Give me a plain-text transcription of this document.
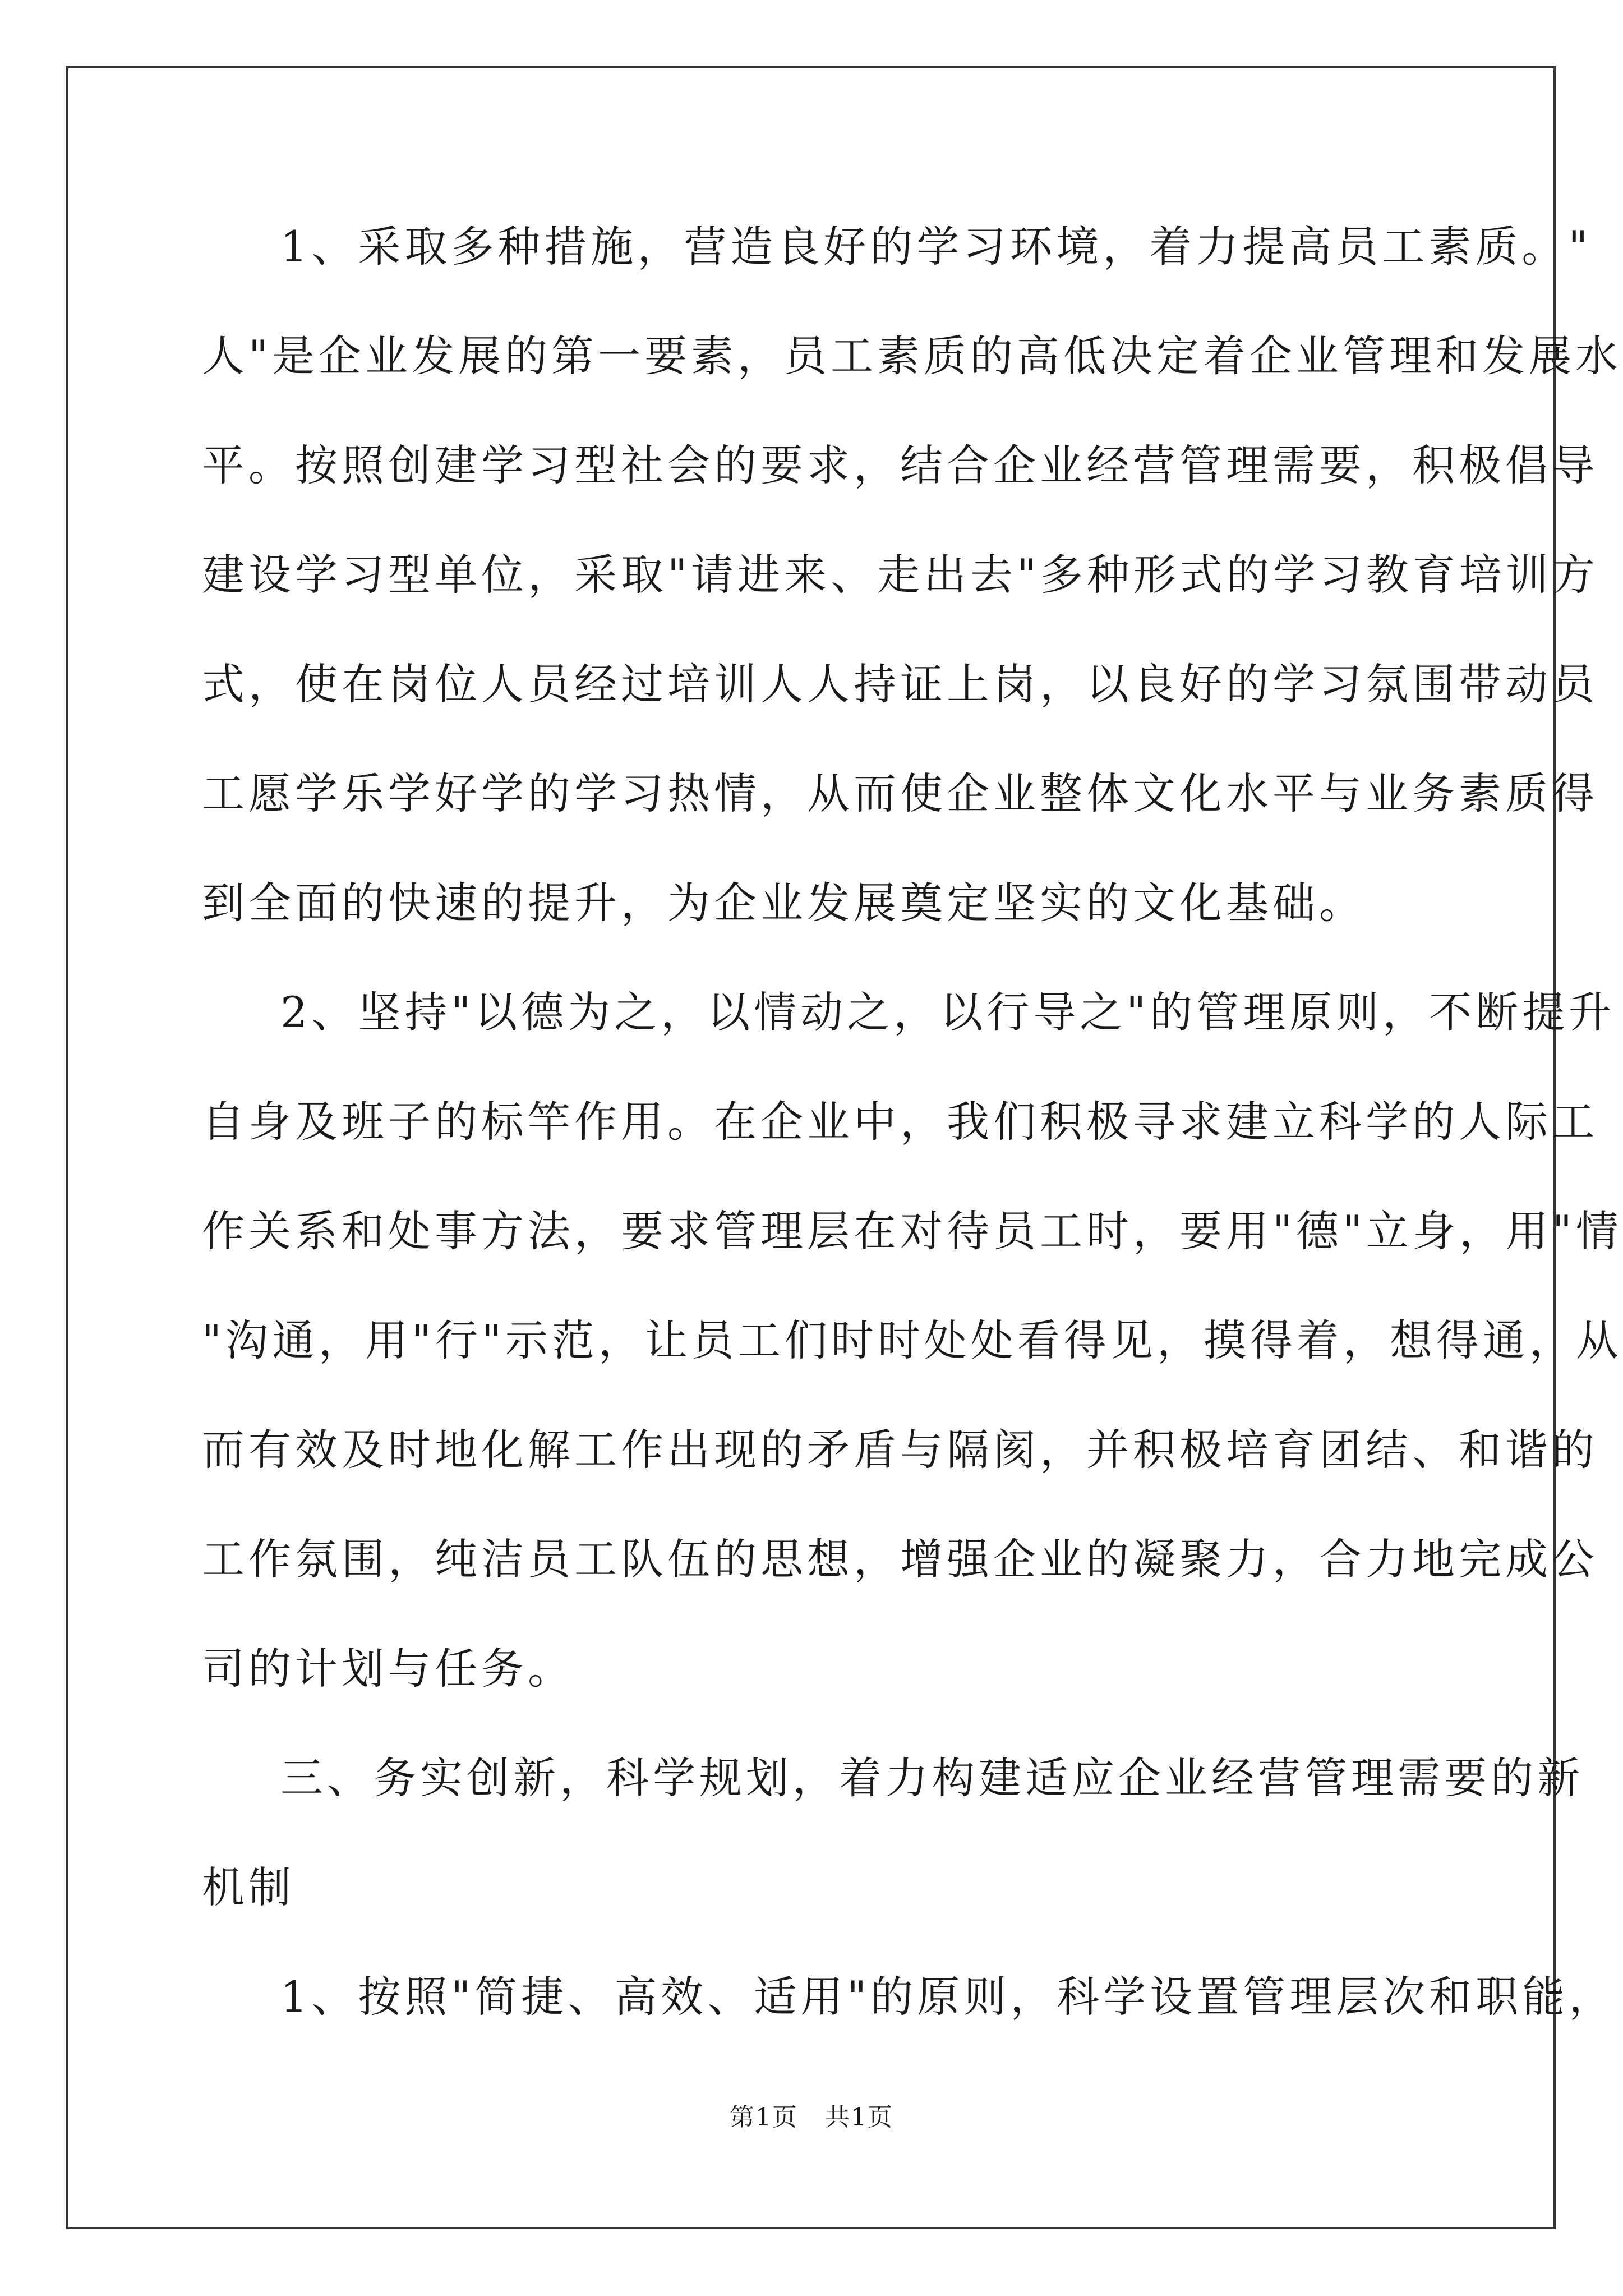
1、采取多种措施，营造良好的学习环境，着力提高员工素质。"
人"是企业发展的第一要素，员工素质的高低决定着企业管理和发展水
平。按照创建学习型社会的要求，结合企业经营管理需要，积极倡导
建设学习型单位，采取"请进来、走出去"多种形式的学习教育培训方
式，使在岗位人员经过培训人人持证上岗，以良好的学习氛围带动员
工愿学乐学好学的学习热情，从而使企业整体文化水平与业务素质得
到全面的快速的提升，为企业发展奠定坚实的文化基础。
2、坚持"以德为之，以情动之，以行导之"的管理原则，不断提升
自身及班子的标竿作用。在企业中，我们积极寻求建立科学的人际工
作关系和处事方法，要求管理层在对待员工时，要用"德"立身，用"情
"沟通，用"行"示范，让员工们时时处处看得见，摸得着，想得通，从
而有效及时地化解工作出现的矛盾与隔阂，并积极培育团结、和谐的
工作氛围，纯洁员工队伍的思想，增强企业的凝聚力，合力地完成公
司的计划与任务。
三、务实创新，科学规划，着力构建适应企业经营管理需要的新
机制
1、按照"简捷、高效、适用"的原则，科学设置管理层次和职能，
第1页   共1页
